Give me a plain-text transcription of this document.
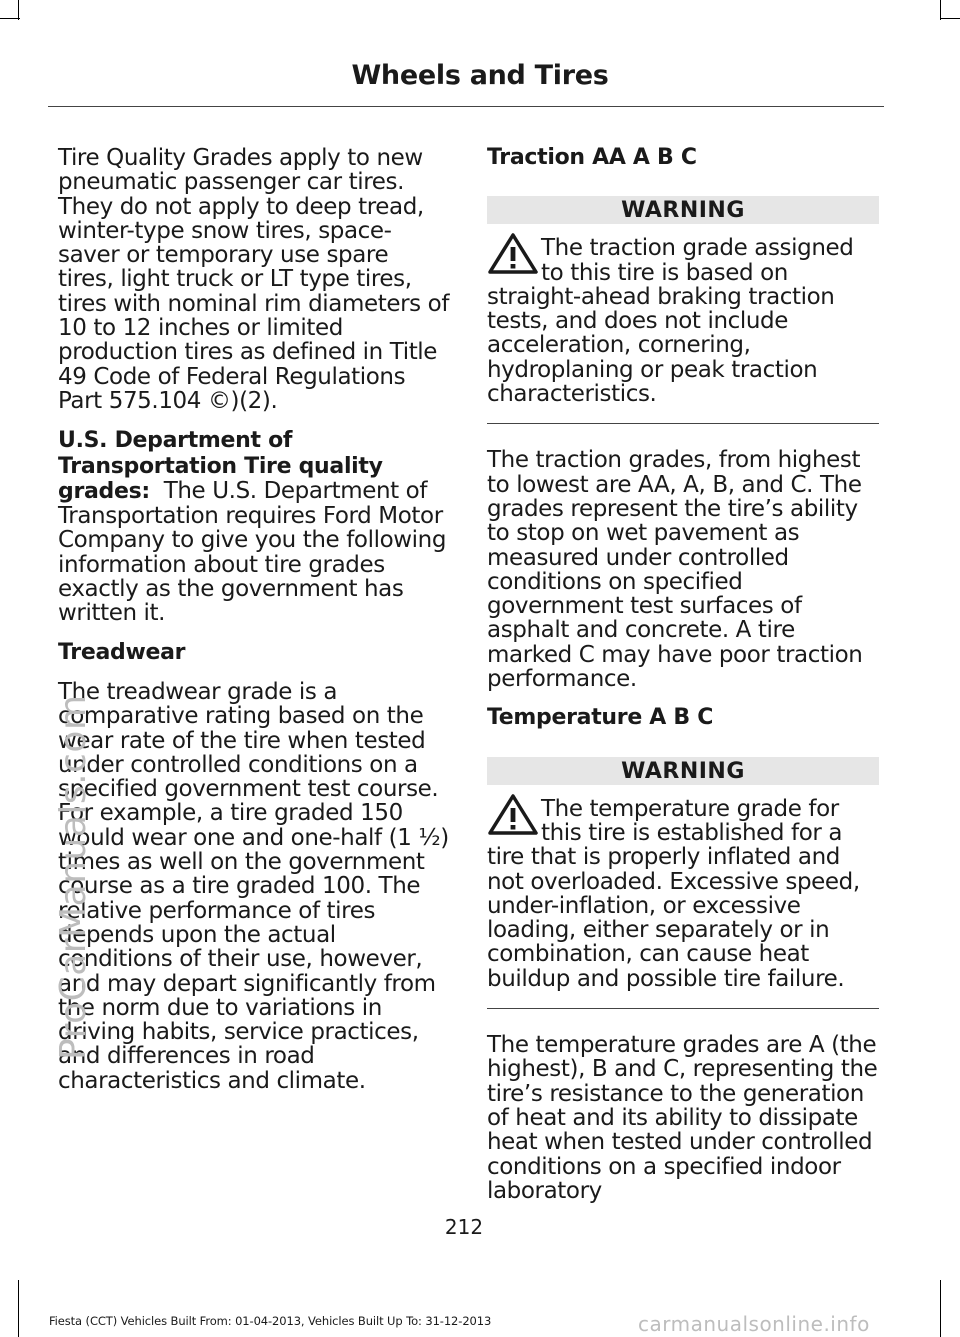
Wheels and Tires

Tire Quality Grades apply to new pneumatic passenger car tires. They do not apply to deep tread, winter-type snow tires, space-saver or temporary use spare tires, light truck or LT type tires, tires with nominal rim diameters of 10 to 12 inches or limited production tires as defined in Title 49 Code of Federal Regulations Part 575.104 ©)(2).

U.S. Department of Transportation Tire quality grades: The U.S. Department of Transportation requires Ford Motor Company to give you the following information about tire grades exactly as the government has written it.

Treadwear

The treadwear grade is a comparative rating based on the wear rate of the tire when tested under controlled conditions on a specified government test course. For example, a tire graded 150 would wear one and one-half (1 ½) times as well on the government course as a tire graded 100. The relative performance of tires depends upon the actual conditions of their use, however, and may depart significantly from the norm due to variations in driving habits, service practices, and differences in road characteristics and climate.

Traction AA A B C

WARNING

The traction grade assigned to this tire is based on straight-ahead braking traction tests, and does not include acceleration, cornering, hydroplaning or peak traction characteristics.

The traction grades, from highest to lowest are AA, A, B, and C. The grades represent the tire’s ability to stop on wet pavement as measured under controlled conditions on specified government test surfaces of asphalt and concrete. A tire marked C may have poor traction performance.

Temperature A B C

WARNING

The temperature grade for this tire is established for a tire that is properly inflated and not overloaded. Excessive speed, under-inflation, or excessive loading, either separately or in combination, can cause heat buildup and possible tire failure.

The temperature grades are A (the highest), B and C, representing the tire’s resistance to the generation of heat and its ability to dissipate heat when tested under controlled conditions on a specified indoor laboratory

212
Fiesta (CCT) Vehicles Built From: 01-04-2013, Vehicles Built Up To: 31-12-2013
ProCarManuals.com
carmanualsonline.info
